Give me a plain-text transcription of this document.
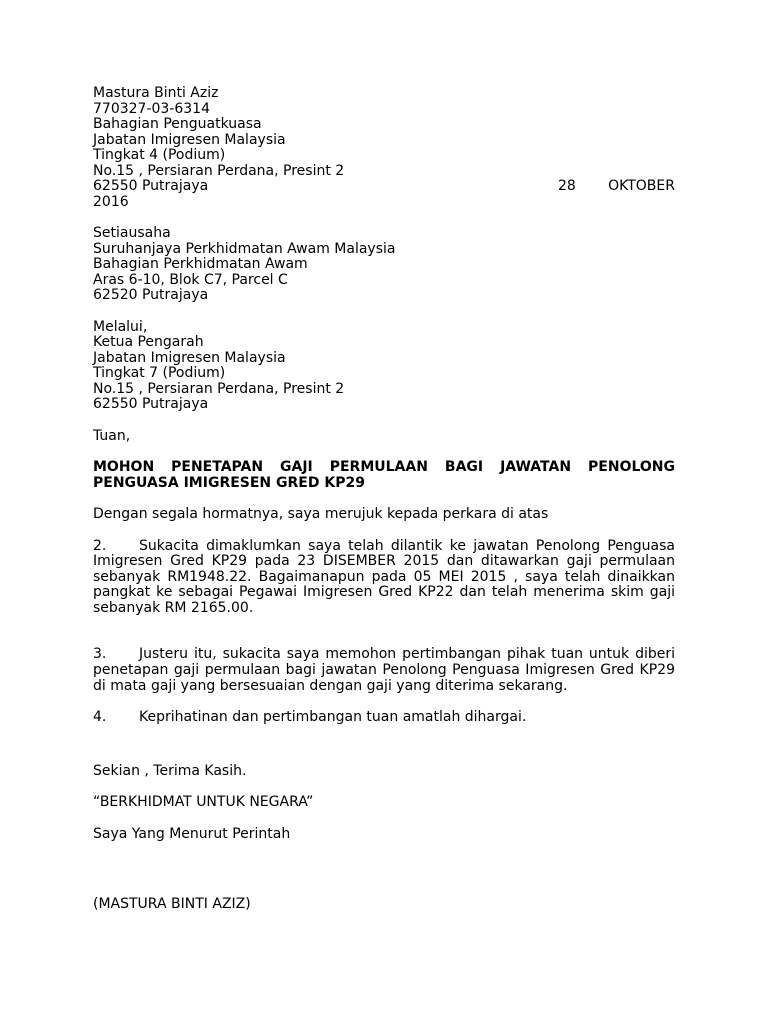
Mastura Binti Aziz
770327-03-6314
Bahagian Penguatkuasa
Jabatan Imigresen Malaysia
Tingkat 4 (Podium)
No.15 , Persiaran Perdana, Presint 2
62550 Putrajaya	28 OKTOBER
2016
Setiausaha
Suruhanjaya Perkhidmatan Awam Malaysia
Bahagian Perkhidmatan Awam
Aras 6-10, Blok C7, Parcel C
62520 Putrajaya
Melalui,
Ketua Pengarah
Jabatan Imigresen Malaysia
Tingkat 7 (Podium)
No.15 , Persiaran Perdana, Presint 2
62550 Putrajaya
Tuan,
MOHON PENETAPAN GAJI PERMULAAN BAGI JAWATAN PENOLONG PENGUASA IMIGRESEN GRED KP29
Dengan segala hormatnya, saya merujuk kepada perkara di atas
2. Sukacita dimaklumkan saya telah dilantik ke jawatan Penolong Penguasa Imigresen Gred KP29 pada 23 DISEMBER 2015 dan ditawarkan gaji permulaan sebanyak RM1948.22. Bagaimanapun pada 05 MEI 2015 , saya telah dinaikkan pangkat ke sebagai Pegawai Imigresen Gred KP22 dan telah menerima skim gaji sebanyak RM 2165.00.
3. Justeru itu, sukacita saya memohon pertimbangan pihak tuan untuk diberi penetapan gaji permulaan bagi jawatan Penolong Penguasa Imigresen Gred KP29 di mata gaji yang bersesuaian dengan gaji yang diterima sekarang.
4. Keprihatinan dan pertimbangan tuan amatlah dihargai.
Sekian , Terima Kasih.
“BERKHIDMAT UNTUK NEGARA”
Saya Yang Menurut Perintah
(MASTURA BINTI AZIZ)
